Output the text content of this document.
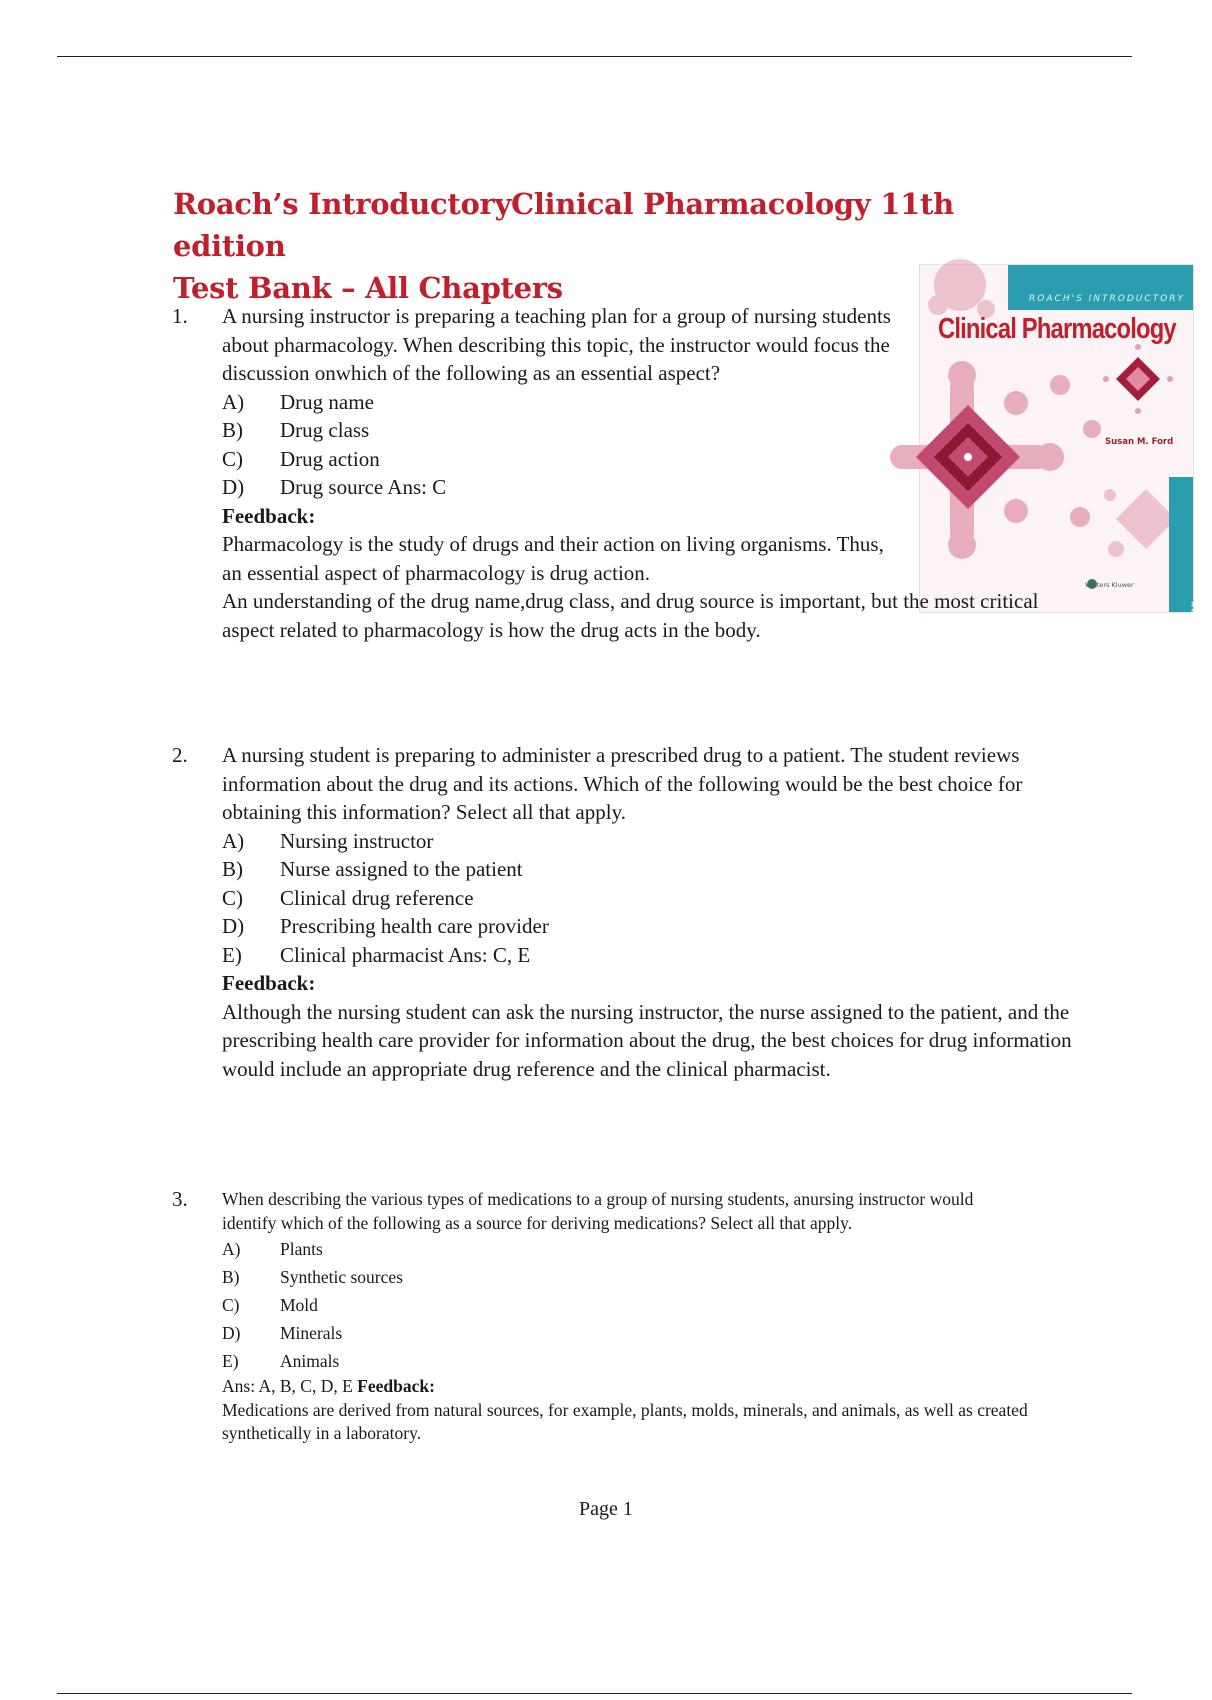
Roach’s IntroductoryClinical Pharmacology 11th edition
Test Bank – All Chapters	ROACH'S INTRODUCTORY
Clinical Pharmacology
Susan M. Ford
ELEVENTH EDITION
Wolters Kluwer
1. A nursing instructor is preparing a teaching plan for a group of nursing students about pharmacology. When describing this topic, the instructor would focus the discussion onwhich of the following as an essential aspect?

A)	Drug name
B)	Drug class
C)	Drug action
D)	Drug source Ans: C

Feedback:

Pharmacology is the study of drugs and their action on living organisms. Thus, an essential aspect of pharmacology is drug action.

An understanding of the drug name,drug class, and drug source is important, but the most critical aspect related to pharmacology is how the drug acts in the body.

2. A nursing student is preparing to administer a prescribed drug to a patient. The student reviews information about the drug and its actions. Which of the following would be the best choice for obtaining this information? Select all that apply.

A)	Nursing instructor
B)	Nurse assigned to the patient
C)	Clinical drug reference
D)	Prescribing health care provider
E)	Clinical pharmacist Ans: C, E

Feedback:

Although the nursing student can ask the nursing instructor, the nurse assigned to the patient, and the prescribing health care provider for information about the drug, the best choices for drug information would include an appropriate drug reference and the clinical pharmacist.

3. When describing the various types of medications to a group of nursing students, anursing instructor would identify which of the following as a source for deriving medications? Select all that apply.

A)	Plants
B)	Synthetic sources
C)	Mold
D)	Minerals
E)	Animals

Ans: A, B, C, D, E Feedback:

Medications are derived from natural sources, for example, plants, molds, minerals, and animals, as well as created synthetically in a laboratory.

Page 1
